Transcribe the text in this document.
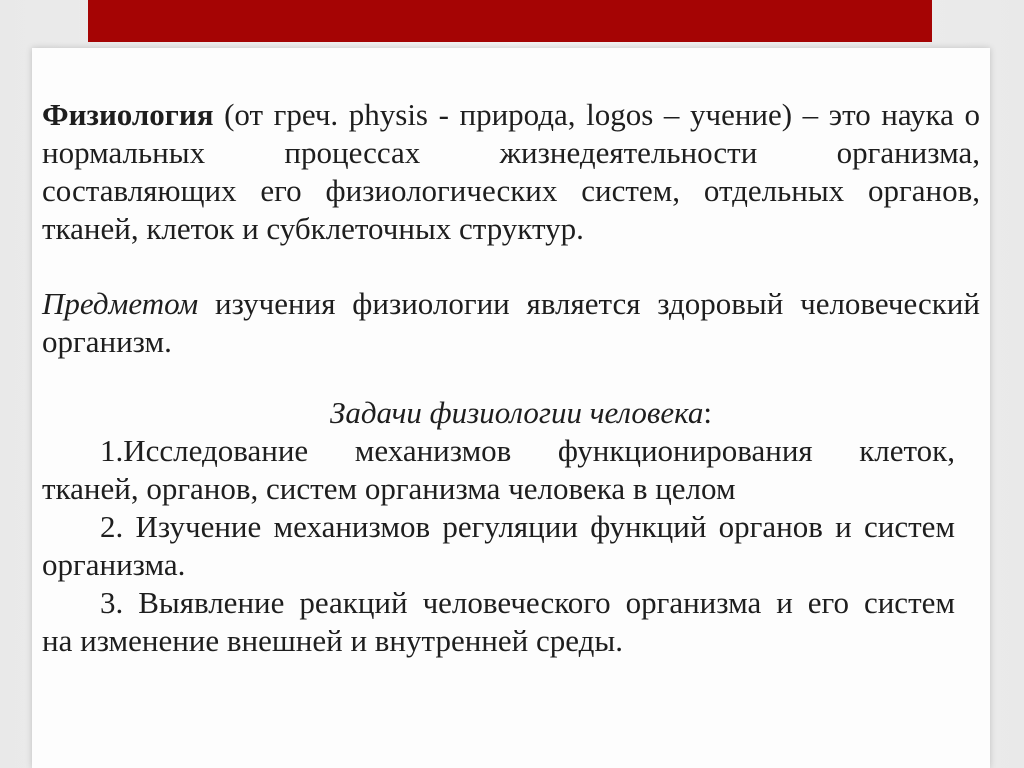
Физиология (от греч. physis - природа, logos – учение) – это наука о
нормальных процессах жизнедеятельности организма,
составляющих его физиологических систем, отдельных органов,
тканей, клеток и субклеточных структур.
Предметом изучения физиологии является здоровый человеческий
организм.
Задачи физиологии человека:
1.Исследование механизмов функционирования клеток,
тканей, органов, систем организма человека в целом
2. Изучение механизмов регуляции функций органов и систем
организма.
3. Выявление реакций человеческого организма и его систем
на изменение внешней и внутренней среды.
